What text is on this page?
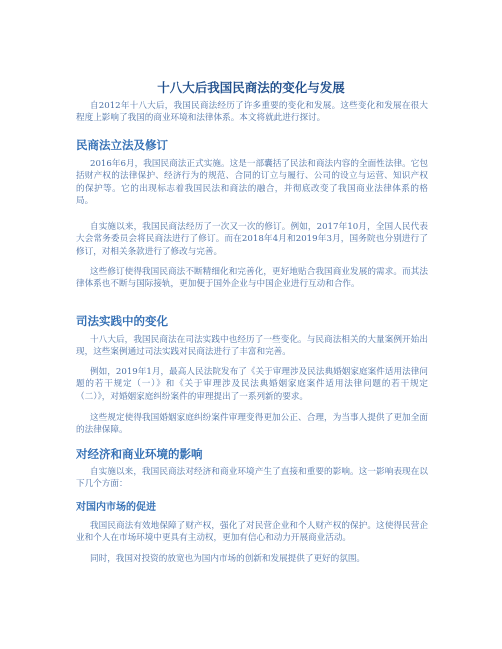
十八大后我国民商法的变化与发展

自2012年十八大后，我国民商法经历了许多重要的变化和发展。这些变化和发展在很大程度上影响了我国的商业环境和法律体系。本文将就此进行探讨。

民商法立法及修订

2016年6月，我国民商法正式实施。这是一部囊括了民法和商法内容的全面性法律。它包括财产权的法律保护、经济行为的规范、合同的订立与履行、公司的设立与运营、知识产权的保护等。它的出现标志着我国民法和商法的融合，并彻底改变了我国商业法律体系的格局。

自实施以来，我国民商法经历了一次又一次的修订。例如，2017年10月，全国人民代表大会常务委员会将民商法进行了修订。而在2018年4月和2019年3月，国务院也分别进行了修订，对相关条款进行了修改与完善。

这些修订使得我国民商法不断精细化和完善化，更好地贴合我国商业发展的需求。而其法律体系也不断与国际接轨，更加便于国外企业与中国企业进行互动和合作。

司法实践中的变化

十八大后，我国民商法在司法实践中也经历了一些变化。与民商法相关的大量案例开始出现，这些案例通过司法实践对民商法进行了丰富和完善。

例如，2019年1月，最高人民法院发布了《关于审理涉及民法典婚姻家庭案件适用法律问题的若干规定（一）》和《关于审理涉及民法典婚姻家庭案件适用法律问题的若干规定（二）》，对婚姻家庭纠纷案件的审理提出了一系列新的要求。

这些规定使得我国婚姻家庭纠纷案件审理变得更加公正、合理，为当事人提供了更加全面的法律保障。

对经济和商业环境的影响

自实施以来，我国民商法对经济和商业环境产生了直接和重要的影响。这一影响表现在以下几个方面：

对国内市场的促进

我国民商法有效地保障了财产权，强化了对民营企业和个人财产权的保护。这使得民营企业和个人在市场环境中更具有主动权，更加有信心和动力开展商业活动。

同时，我国对投资的放宽也为国内市场的创新和发展提供了更好的氛围。
